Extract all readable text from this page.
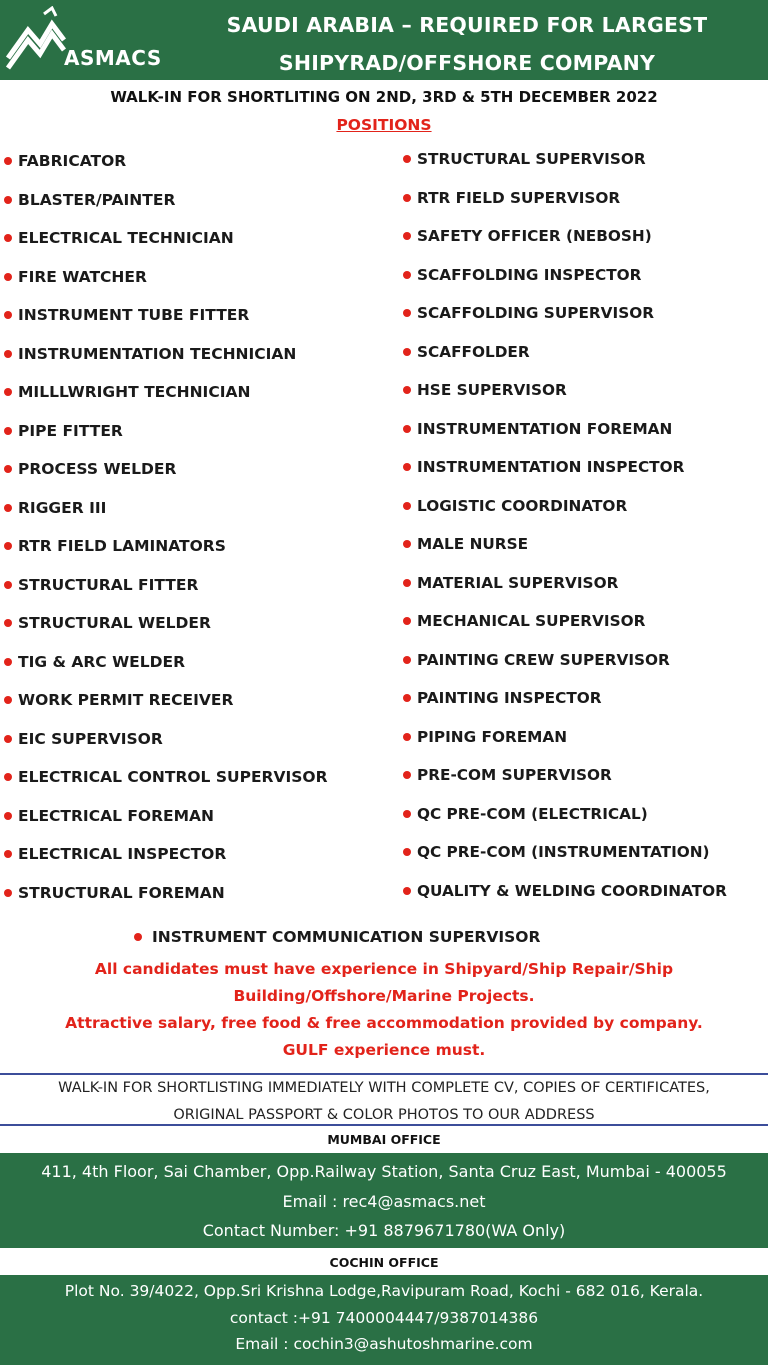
ASMACS
SAUDI ARABIA – REQUIRED FOR LARGEST
SHIPYRAD/OFFSHORE COMPANY
WALK-IN FOR SHORTLITING ON 2ND, 3RD & 5TH DECEMBER 2022
POSITIONS
FABRICATOR
BLASTER/PAINTER
ELECTRICAL TECHNICIAN
FIRE WATCHER
INSTRUMENT TUBE FITTER
INSTRUMENTATION TECHNICIAN
MILLLWRIGHT TECHNICIAN
PIPE FITTER
PROCESS WELDER
RIGGER III
RTR FIELD LAMINATORS
STRUCTURAL FITTER
STRUCTURAL WELDER
TIG & ARC WELDER
WORK PERMIT RECEIVER
EIC SUPERVISOR
ELECTRICAL CONTROL SUPERVISOR
ELECTRICAL FOREMAN
ELECTRICAL INSPECTOR
STRUCTURAL FOREMAN
STRUCTURAL SUPERVISOR
RTR FIELD SUPERVISOR
SAFETY OFFICER (NEBOSH)
SCAFFOLDING INSPECTOR
SCAFFOLDING SUPERVISOR
SCAFFOLDER
HSE SUPERVISOR
INSTRUMENTATION FOREMAN
INSTRUMENTATION INSPECTOR
LOGISTIC COORDINATOR
MALE NURSE
MATERIAL SUPERVISOR
MECHANICAL SUPERVISOR
PAINTING CREW SUPERVISOR
PAINTING INSPECTOR
PIPING FOREMAN
PRE-COM SUPERVISOR
QC PRE-COM (ELECTRICAL)
QC PRE-COM (INSTRUMENTATION)
QUALITY & WELDING COORDINATOR
INSTRUMENT COMMUNICATION SUPERVISOR
All candidates must have experience in Shipyard/Ship Repair/Ship
Building/Offshore/Marine Projects.
Attractive salary, free food & free accommodation provided by company.
GULF experience must.
WALK-IN FOR SHORTLISTING IMMEDIATELY WITH COMPLETE CV, COPIES OF CERTIFICATES,
ORIGINAL PASSPORT & COLOR PHOTOS TO OUR ADDRESS
MUMBAI OFFICE
411, 4th Floor, Sai Chamber, Opp.Railway Station, Santa Cruz East, Mumbai - 400055
Email : rec4@asmacs.net
Contact Number: +91 8879671780(WA Only)
COCHIN OFFICE
Plot No. 39/4022, Opp.Sri Krishna Lodge,Ravipuram Road, Kochi - 682 016, Kerala.
contact :+91 7400004447/9387014386
Email : cochin3@ashutoshmarine.com
